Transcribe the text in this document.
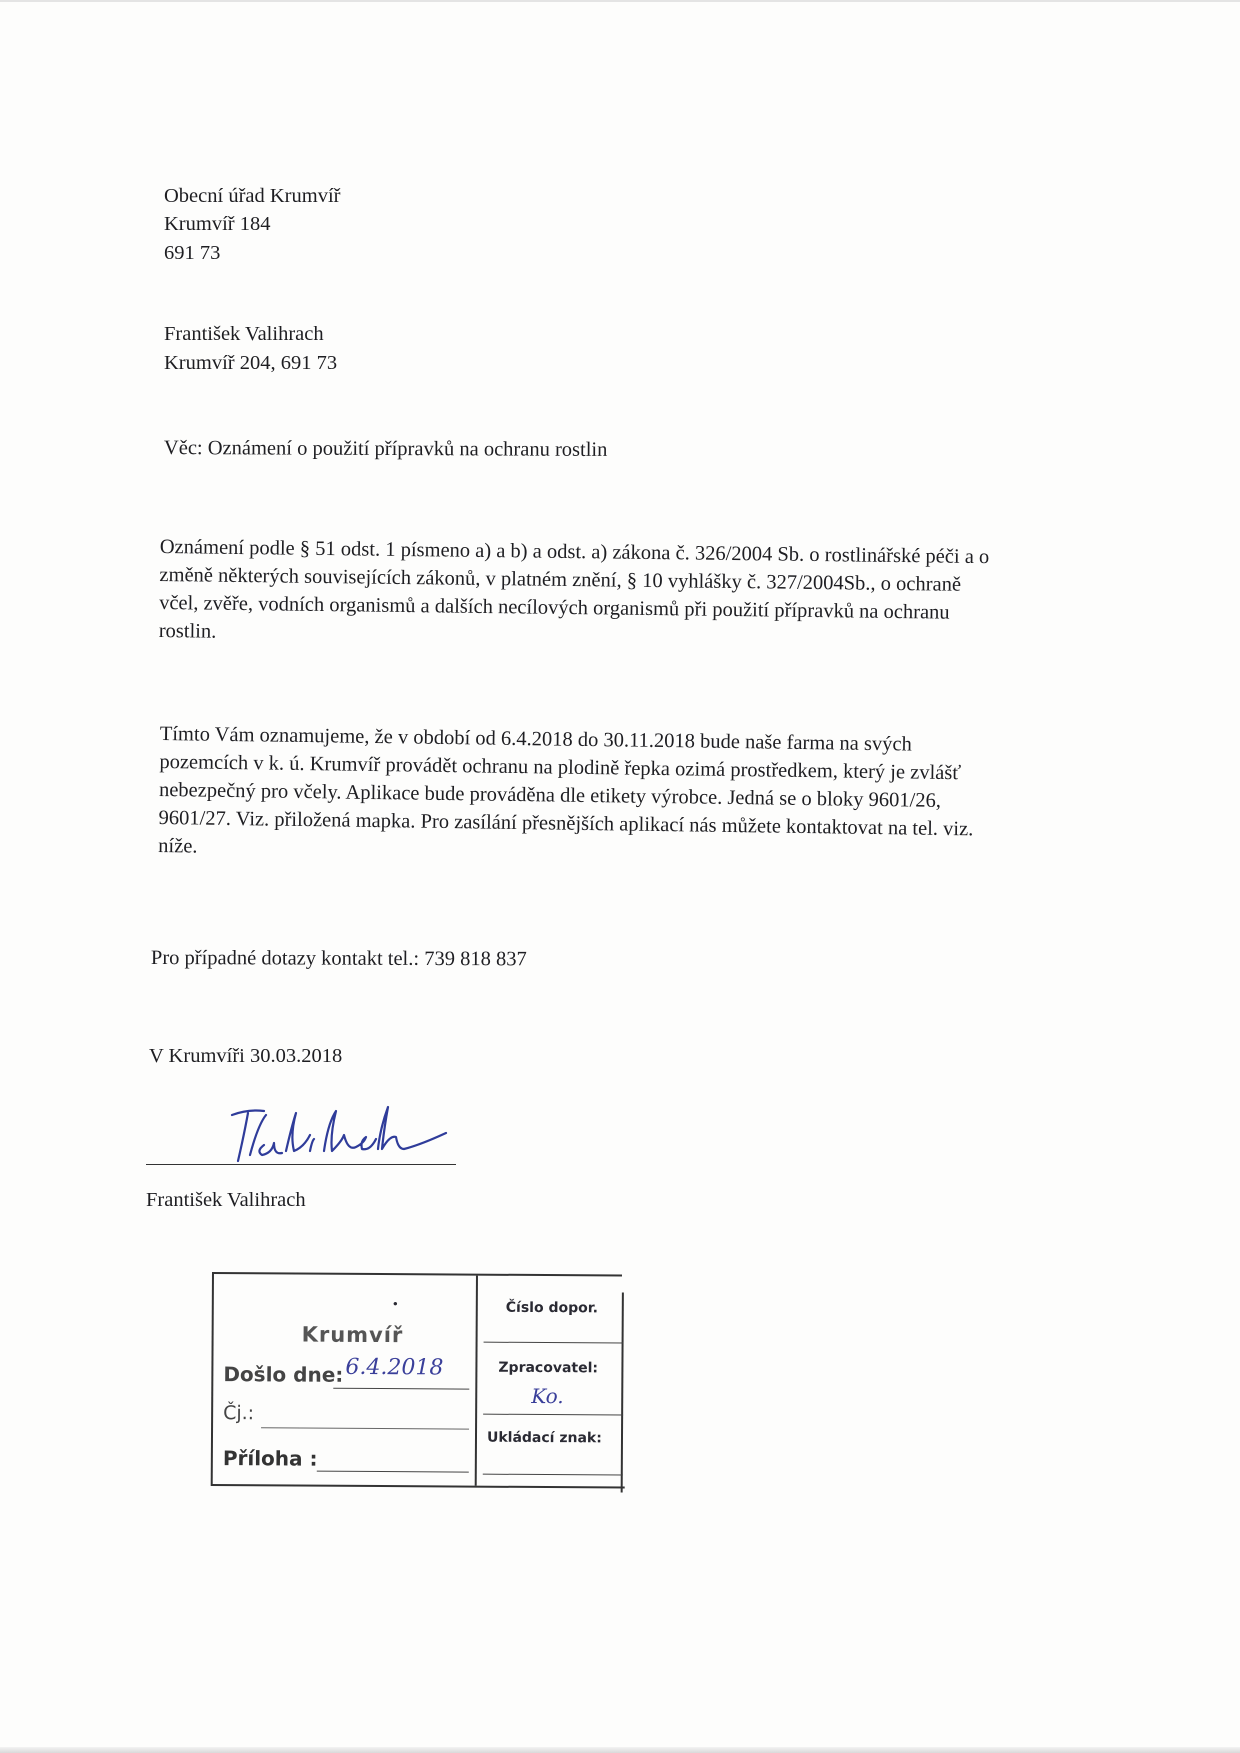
Obecní úřad Krumvíř
Krumvíř 184
691 73
František Valihrach
Krumvíř 204, 691 73
Věc: Oznámení o použití přípravků na ochranu rostlin
Oznámení podle § 51 odst. 1 písmeno a) a b) a odst. a) zákona č. 326/2004 Sb. o rostlinářské péči a o
změně některých souvisejících zákonů, v platném znění, § 10 vyhlášky č. 327/2004Sb., o ochraně
včel, zvěře, vodních organismů a dalších necílových organismů při použití přípravků na ochranu
rostlin.
Tímto Vám oznamujeme, že v období od 6.4.2018 do 30.11.2018 bude naše farma na svých
pozemcích v k. ú. Krumvíř provádět ochranu na plodině řepka ozimá prostředkem, který je zvlášť
nebezpečný pro včely. Aplikace bude prováděna dle etikety výrobce. Jedná se o bloky 9601/26,
9601/27. Viz. přiložená mapka. Pro zasílání přesnějších aplikací nás můžete kontaktovat na tel. viz.
níže.
Pro případné dotazy kontakt tel.: 739 818 837
V Krumvíři 30.03.2018
Valihrach
František Valihrach
•
Krumvíř
Došlo dne: 6.4.2018
Čj.:
Příloha :
Číslo dopor.
Zpracovatel:
Ko.
Ukládací znak:
